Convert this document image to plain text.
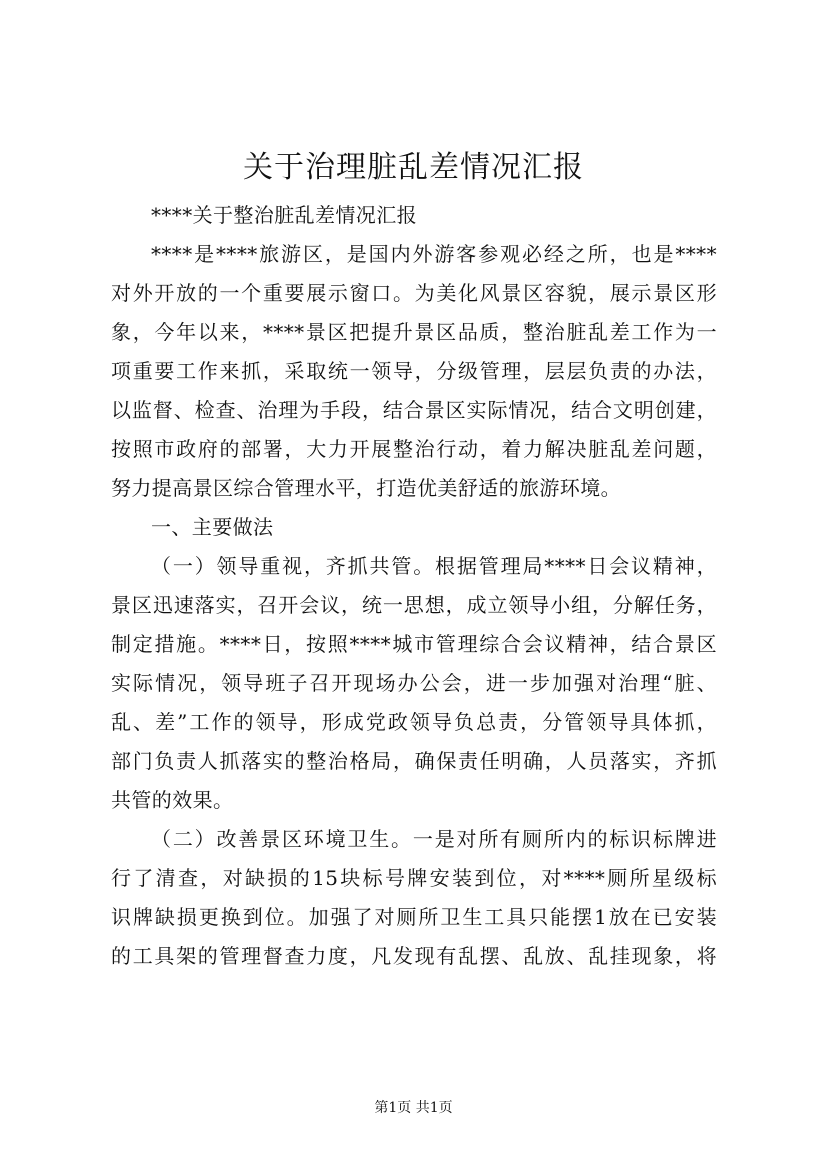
关于治理脏乱差情况汇报

****关于整治脏乱差情况汇报

****是****旅游区，是国内外游客参观必经之所，也是****

对外开放的一个重要展示窗口。为美化风景区容貌，展示景区形

象，今年以来，****景区把提升景区品质，整治脏乱差工作为一

项重要工作来抓，采取统一领导，分级管理，层层负责的办法，

以监督、检查、治理为手段，结合景区实际情况，结合文明创建，

按照市政府的部署，大力开展整治行动，着力解决脏乱差问题，

努力提高景区综合管理水平，打造优美舒适的旅游环境。

一、主要做法

（一）领导重视，齐抓共管。根据管理局****日会议精神，

景区迅速落实，召开会议，统一思想，成立领导小组，分解任务，

制定措施。****日，按照****城市管理综合会议精神，结合景区

实际情况，领导班子召开现场办公会，进一步加强对治理“脏、

乱、差”工作的领导，形成党政领导负总责，分管领导具体抓，

部门负责人抓落实的整治格局，确保责任明确，人员落实，齐抓

共管的效果。

（二）改善景区环境卫生。一是对所有厕所内的标识标牌进

行了清查，对缺损的15块标号牌安装到位，对****厕所星级标

识牌缺损更换到位。加强了对厕所卫生工具只能摆1放在已安装

的工具架的管理督查力度，凡发现有乱摆、乱放、乱挂现象，将

第1页 共1页
